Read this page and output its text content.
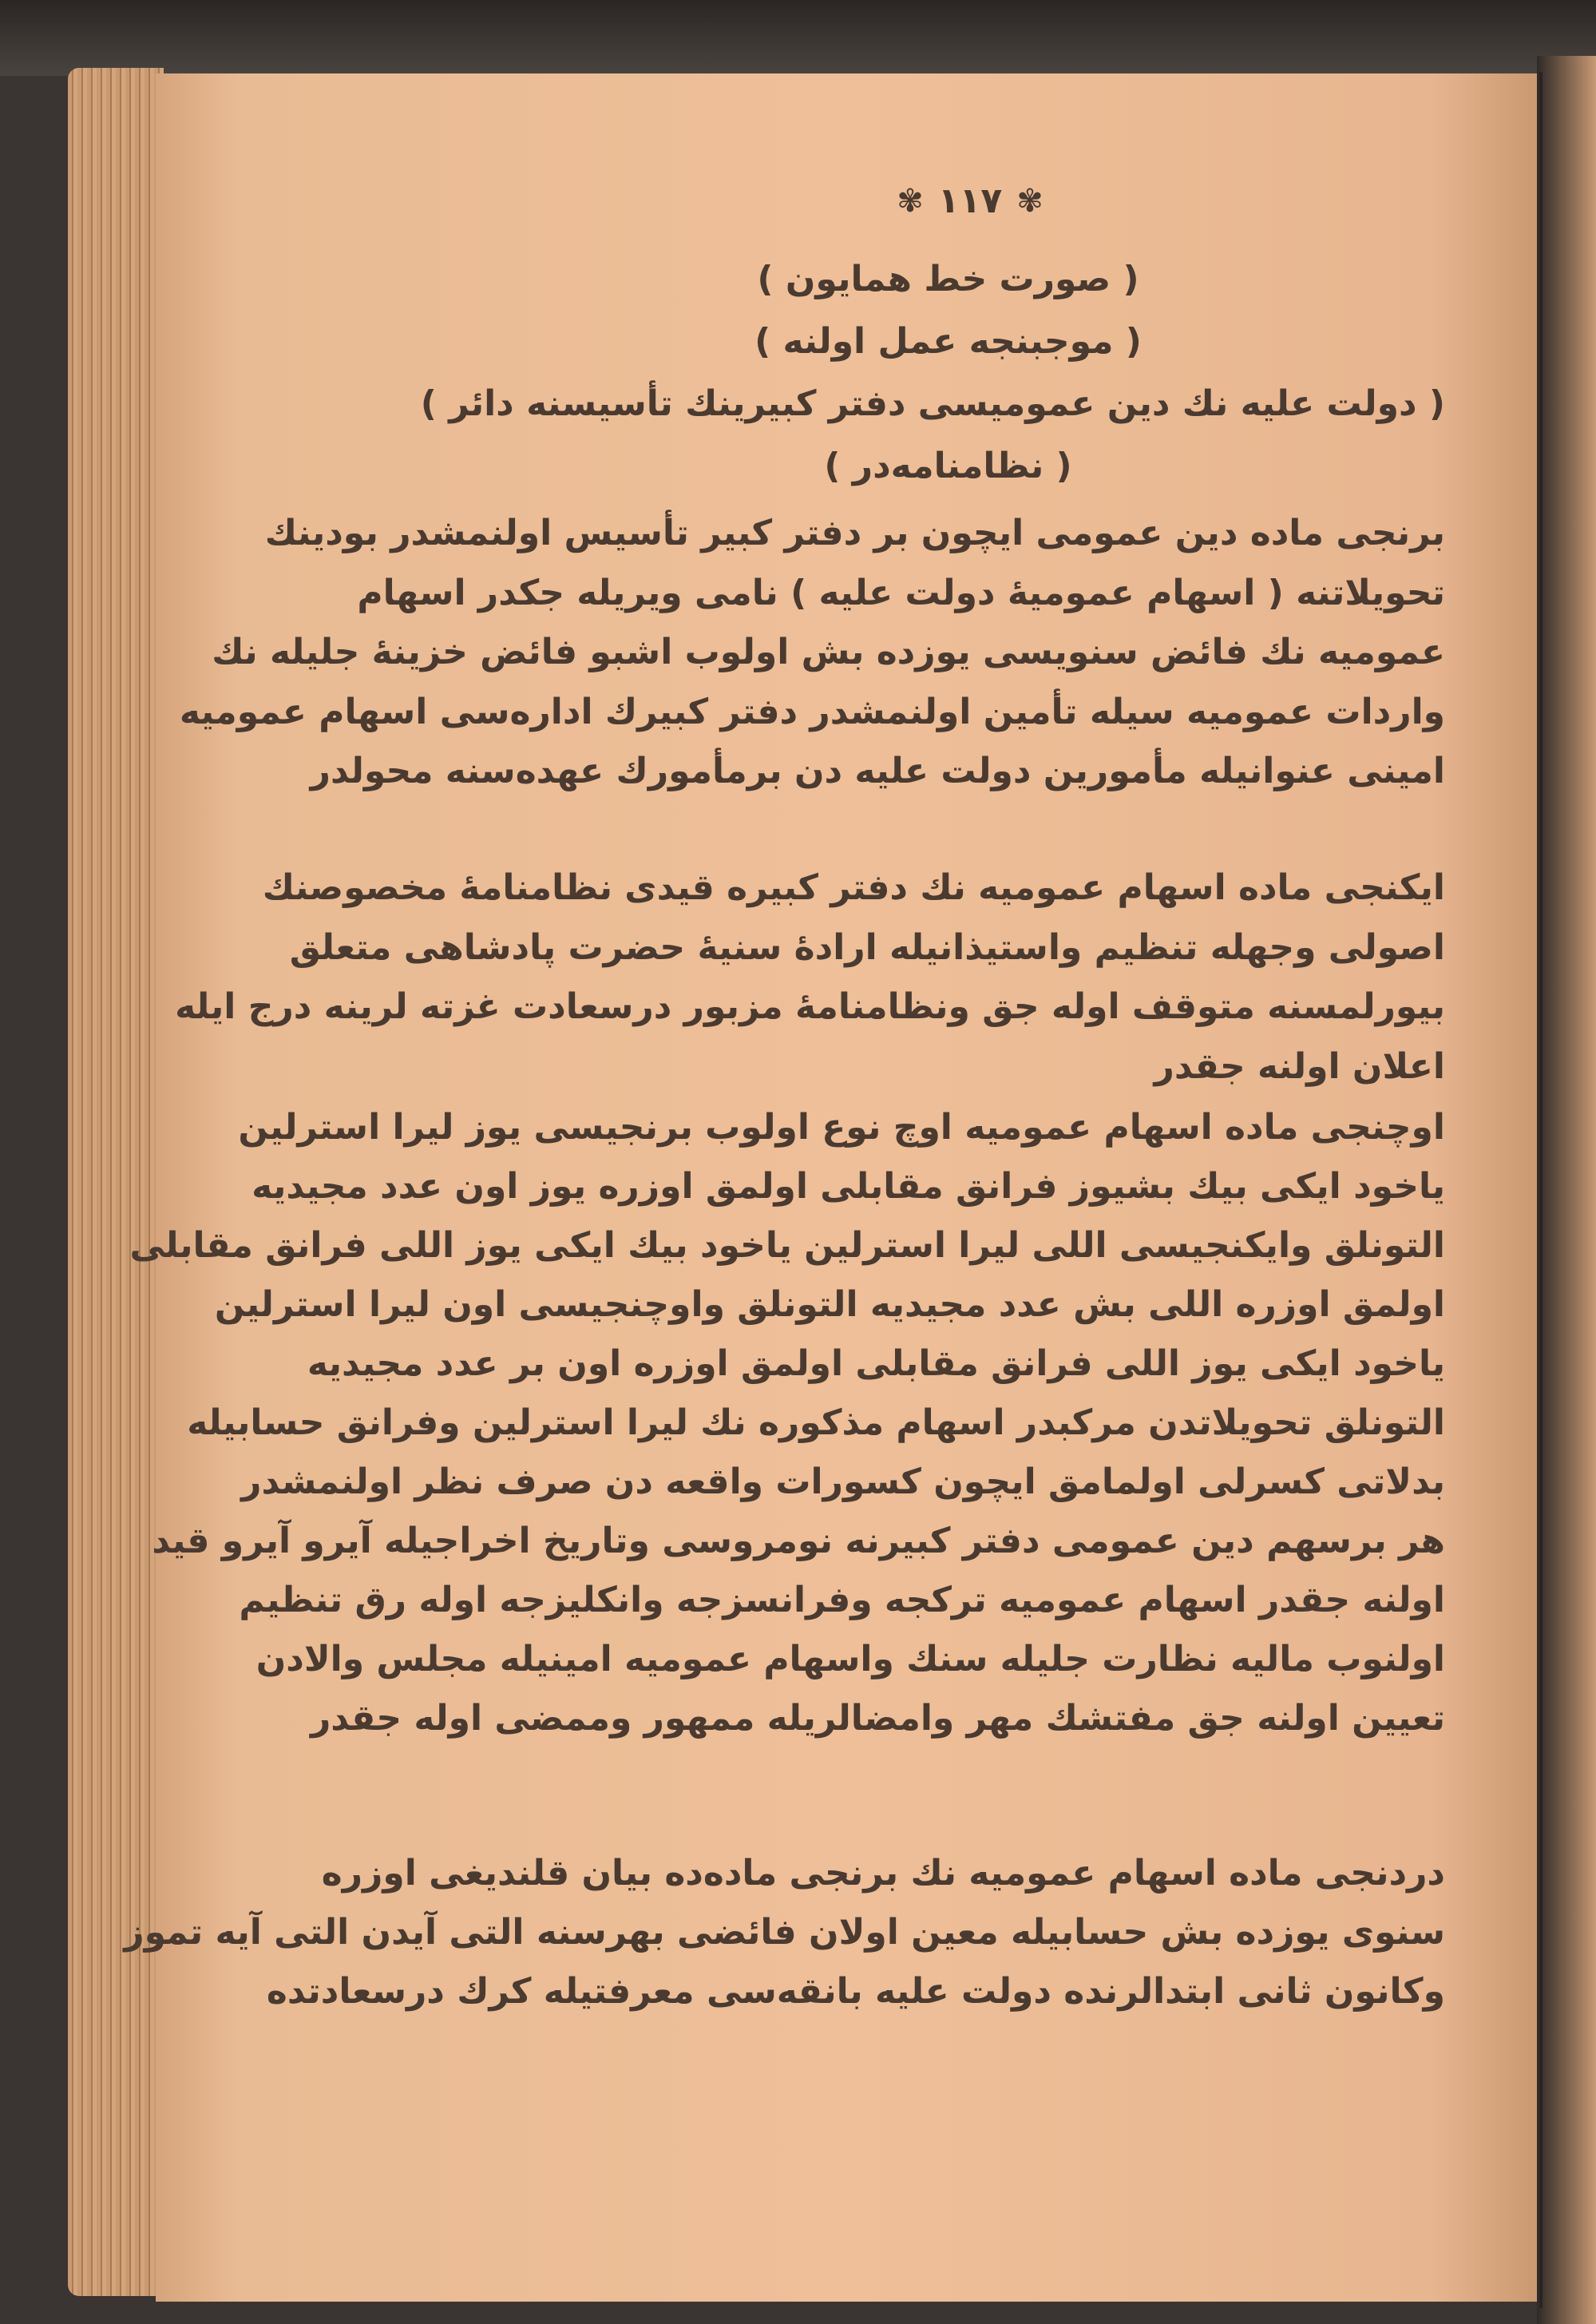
✾ ١١٧ ✾
( صورت خط همايون )
( موجبنجه عمل اولنه )
( دولت عليه نك دين عموميسى دفتر كبيرينك تأسيسنه دائر )
( نظامنامه‌در )
برنجى ماده دين عمومى ايچون بر دفتر كبير تأسيس اولنمشدر بودينك
تحويلاتنه ( اسهام عموميهٔ دولت عليه ) نامى ويريله جكدر اسهام
عموميه نك فائض سنويسى يوزده بش اولوب اشبو فائض خزينهٔ جليله نك
واردات عموميه سيله تأمين اولنمشدر دفتر كبيرك اداره‌سى اسهام عموميه
امينى عنوانيله مأمورين دولت عليه دن برمأمورك عهده‌سنه محولدر
ايكنجى ماده اسهام عموميه نك دفتر كبيره قيدى نظامنامهٔ مخصوصنك
اصولى وجهله تنظيم واستيذانيله ارادهٔ سنيهٔ حضرت پادشاهى متعلق
بيورلمسنه متوقف اوله جق ونظامنامهٔ مزبور درسعادت غزته لرينه درج ايله
اعلان اولنه جقدر
اوچنجى ماده اسهام عموميه اوچ نوع اولوب برنجيسى يوز ليرا استرلين
ياخود ايكى بيك بشيوز فرانق مقابلى اولمق اوزره يوز اون عدد مجيديه
التونلق وايكنجيسى اللى ليرا استرلين ياخود بيك ايكى يوز اللى فرانق مقابلى
اولمق اوزره اللى بش عدد مجيديه التونلق واوچنجيسى اون ليرا استرلين
ياخود ايكى يوز اللى فرانق مقابلى اولمق اوزره اون بر عدد مجيديه
التونلق تحويلاتدن مركبدر اسهام مذكوره نك ليرا استرلين وفرانق حسابيله
بدلاتى كسرلى اولمامق ايچون كسورات واقعه دن صرف نظر اولنمشدر
هر برسهم دين عمومى دفتر كبيرنه نومروسى وتاريخ اخراجيله آيرو آيرو قيد
اولنه جقدر اسهام عموميه تركجه وفرانسزجه وانكليزجه اوله رق تنظيم
اولنوب ماليه نظارت جليله سنك واسهام عموميه امينيله مجلس والادن
تعيين اولنه جق مفتشك مهر وامضالريله ممهور وممضى اوله جقدر
دردنجى ماده اسهام عموميه نك برنجى ماده‌ده بيان قلنديغى اوزره
سنوى يوزده بش حسابيله معين اولان فائضى بهرسنه التى آيدن التى آيه تموز
وكانون ثانى ابتدالرنده دولت عليه بانقه‌سى معرفتيله كرك درسعادتده
